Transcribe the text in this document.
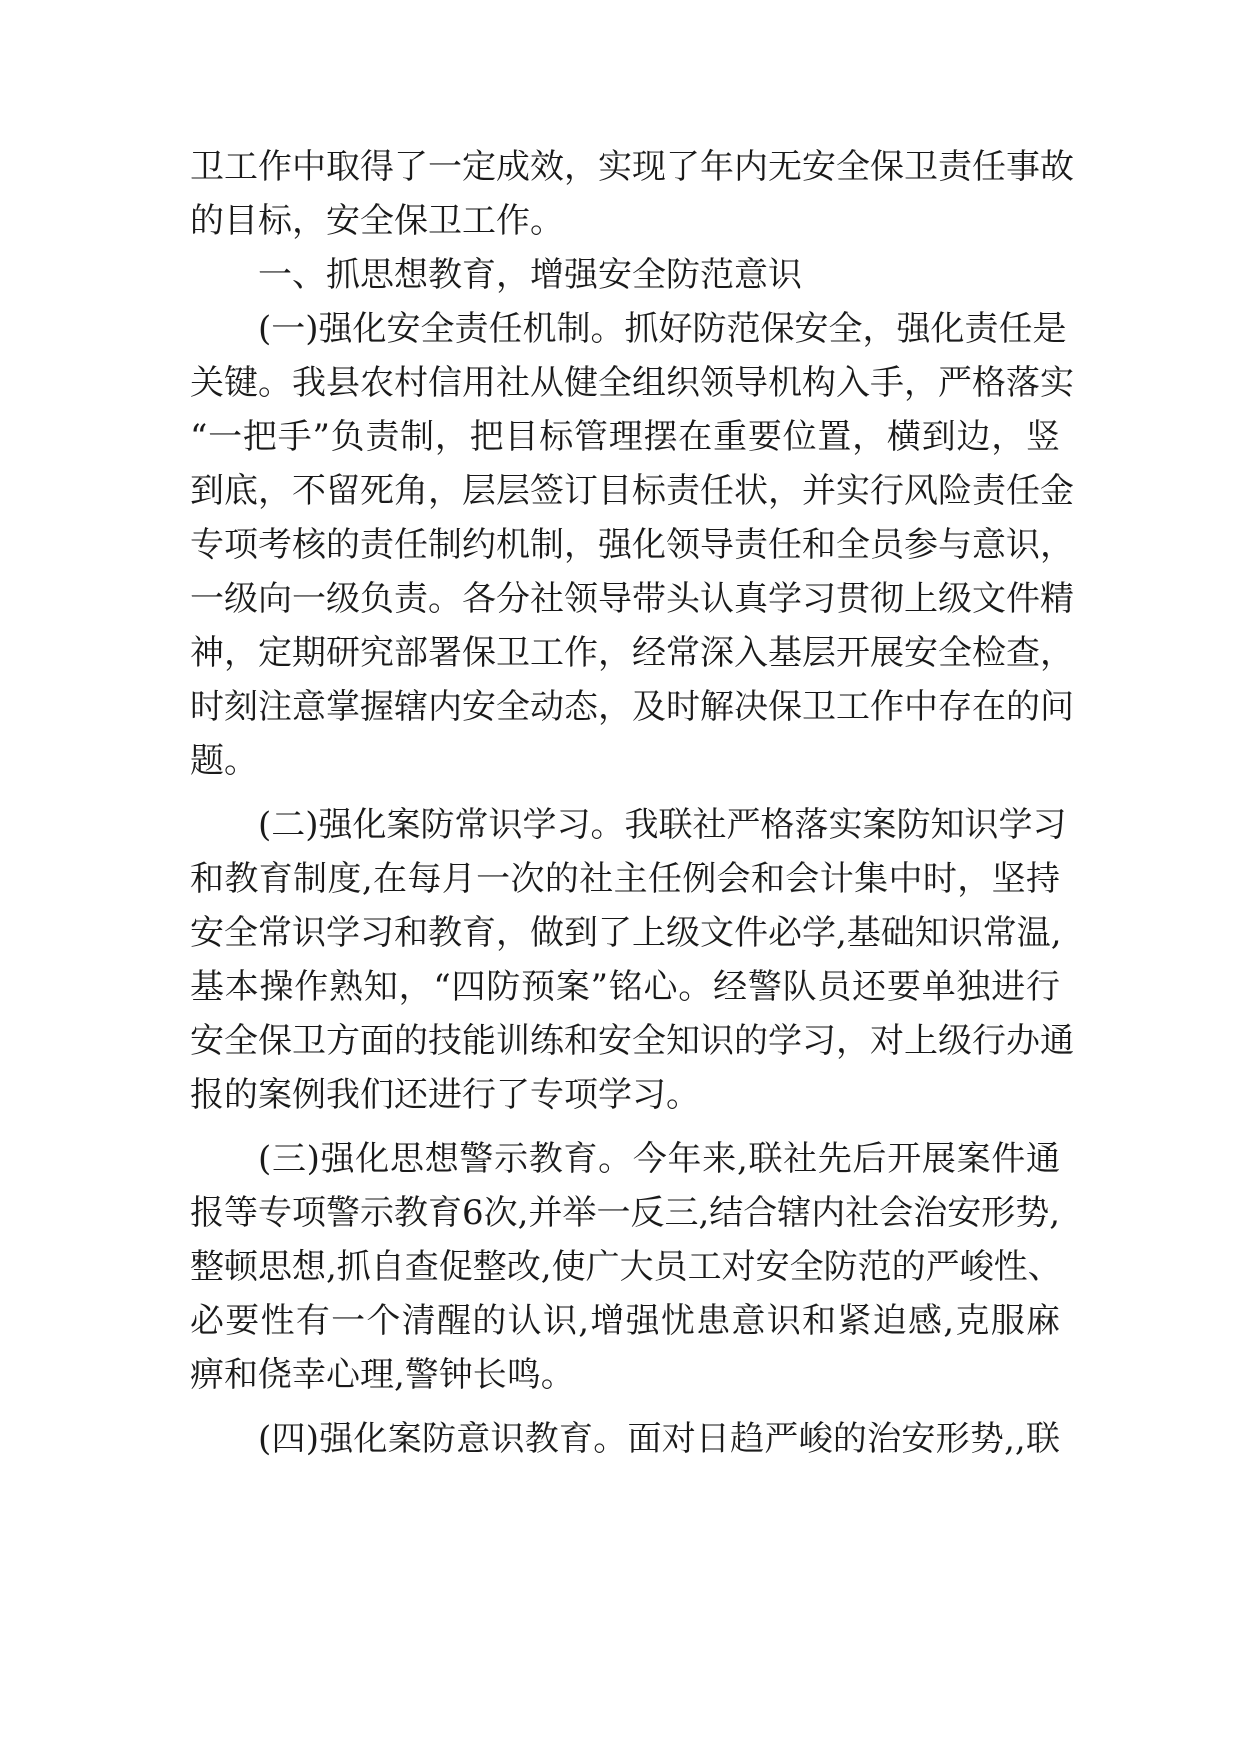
卫工作中取得了一定成效，实现了年内无安全保卫责任事故
的目标，安全保卫工作。
一、抓思想教育，增强安全防范意识
(一)强化安全责任机制。抓好防范保安全，强化责任是
关键。我县农村信用社从健全组织领导机构入手，严格落实
“一把手”负责制，把目标管理摆在重要位置，横到边，竖
到底，不留死角，层层签订目标责任状，并实行风险责任金
专项考核的责任制约机制，强化领导责任和全员参与意识，
一级向一级负责。各分社领导带头认真学习贯彻上级文件精
神，定期研究部署保卫工作，经常深入基层开展安全检查，
时刻注意掌握辖内安全动态，及时解决保卫工作中存在的问
题。
(二)强化案防常识学习。我联社严格落实案防知识学习
和教育制度,在每月一次的社主任例会和会计集中时，坚持
安全常识学习和教育，做到了上级文件必学,基础知识常温,
基本操作熟知，“四防预案”铭心。经警队员还要单独进行
安全保卫方面的技能训练和安全知识的学习，对上级行办通
报的案例我们还进行了专项学习。
(三)强化思想警示教育。今年来,联社先后开展案件通
报等专项警示教育6次,并举一反三,结合辖内社会治安形势,
整顿思想,抓自查促整改,使广大员工对安全防范的严峻性、
必要性有一个清醒的认识,增强忧患意识和紧迫感,克服麻
痹和侥幸心理,警钟长鸣。
(四)强化案防意识教育。面对日趋严峻的治安形势,,联
